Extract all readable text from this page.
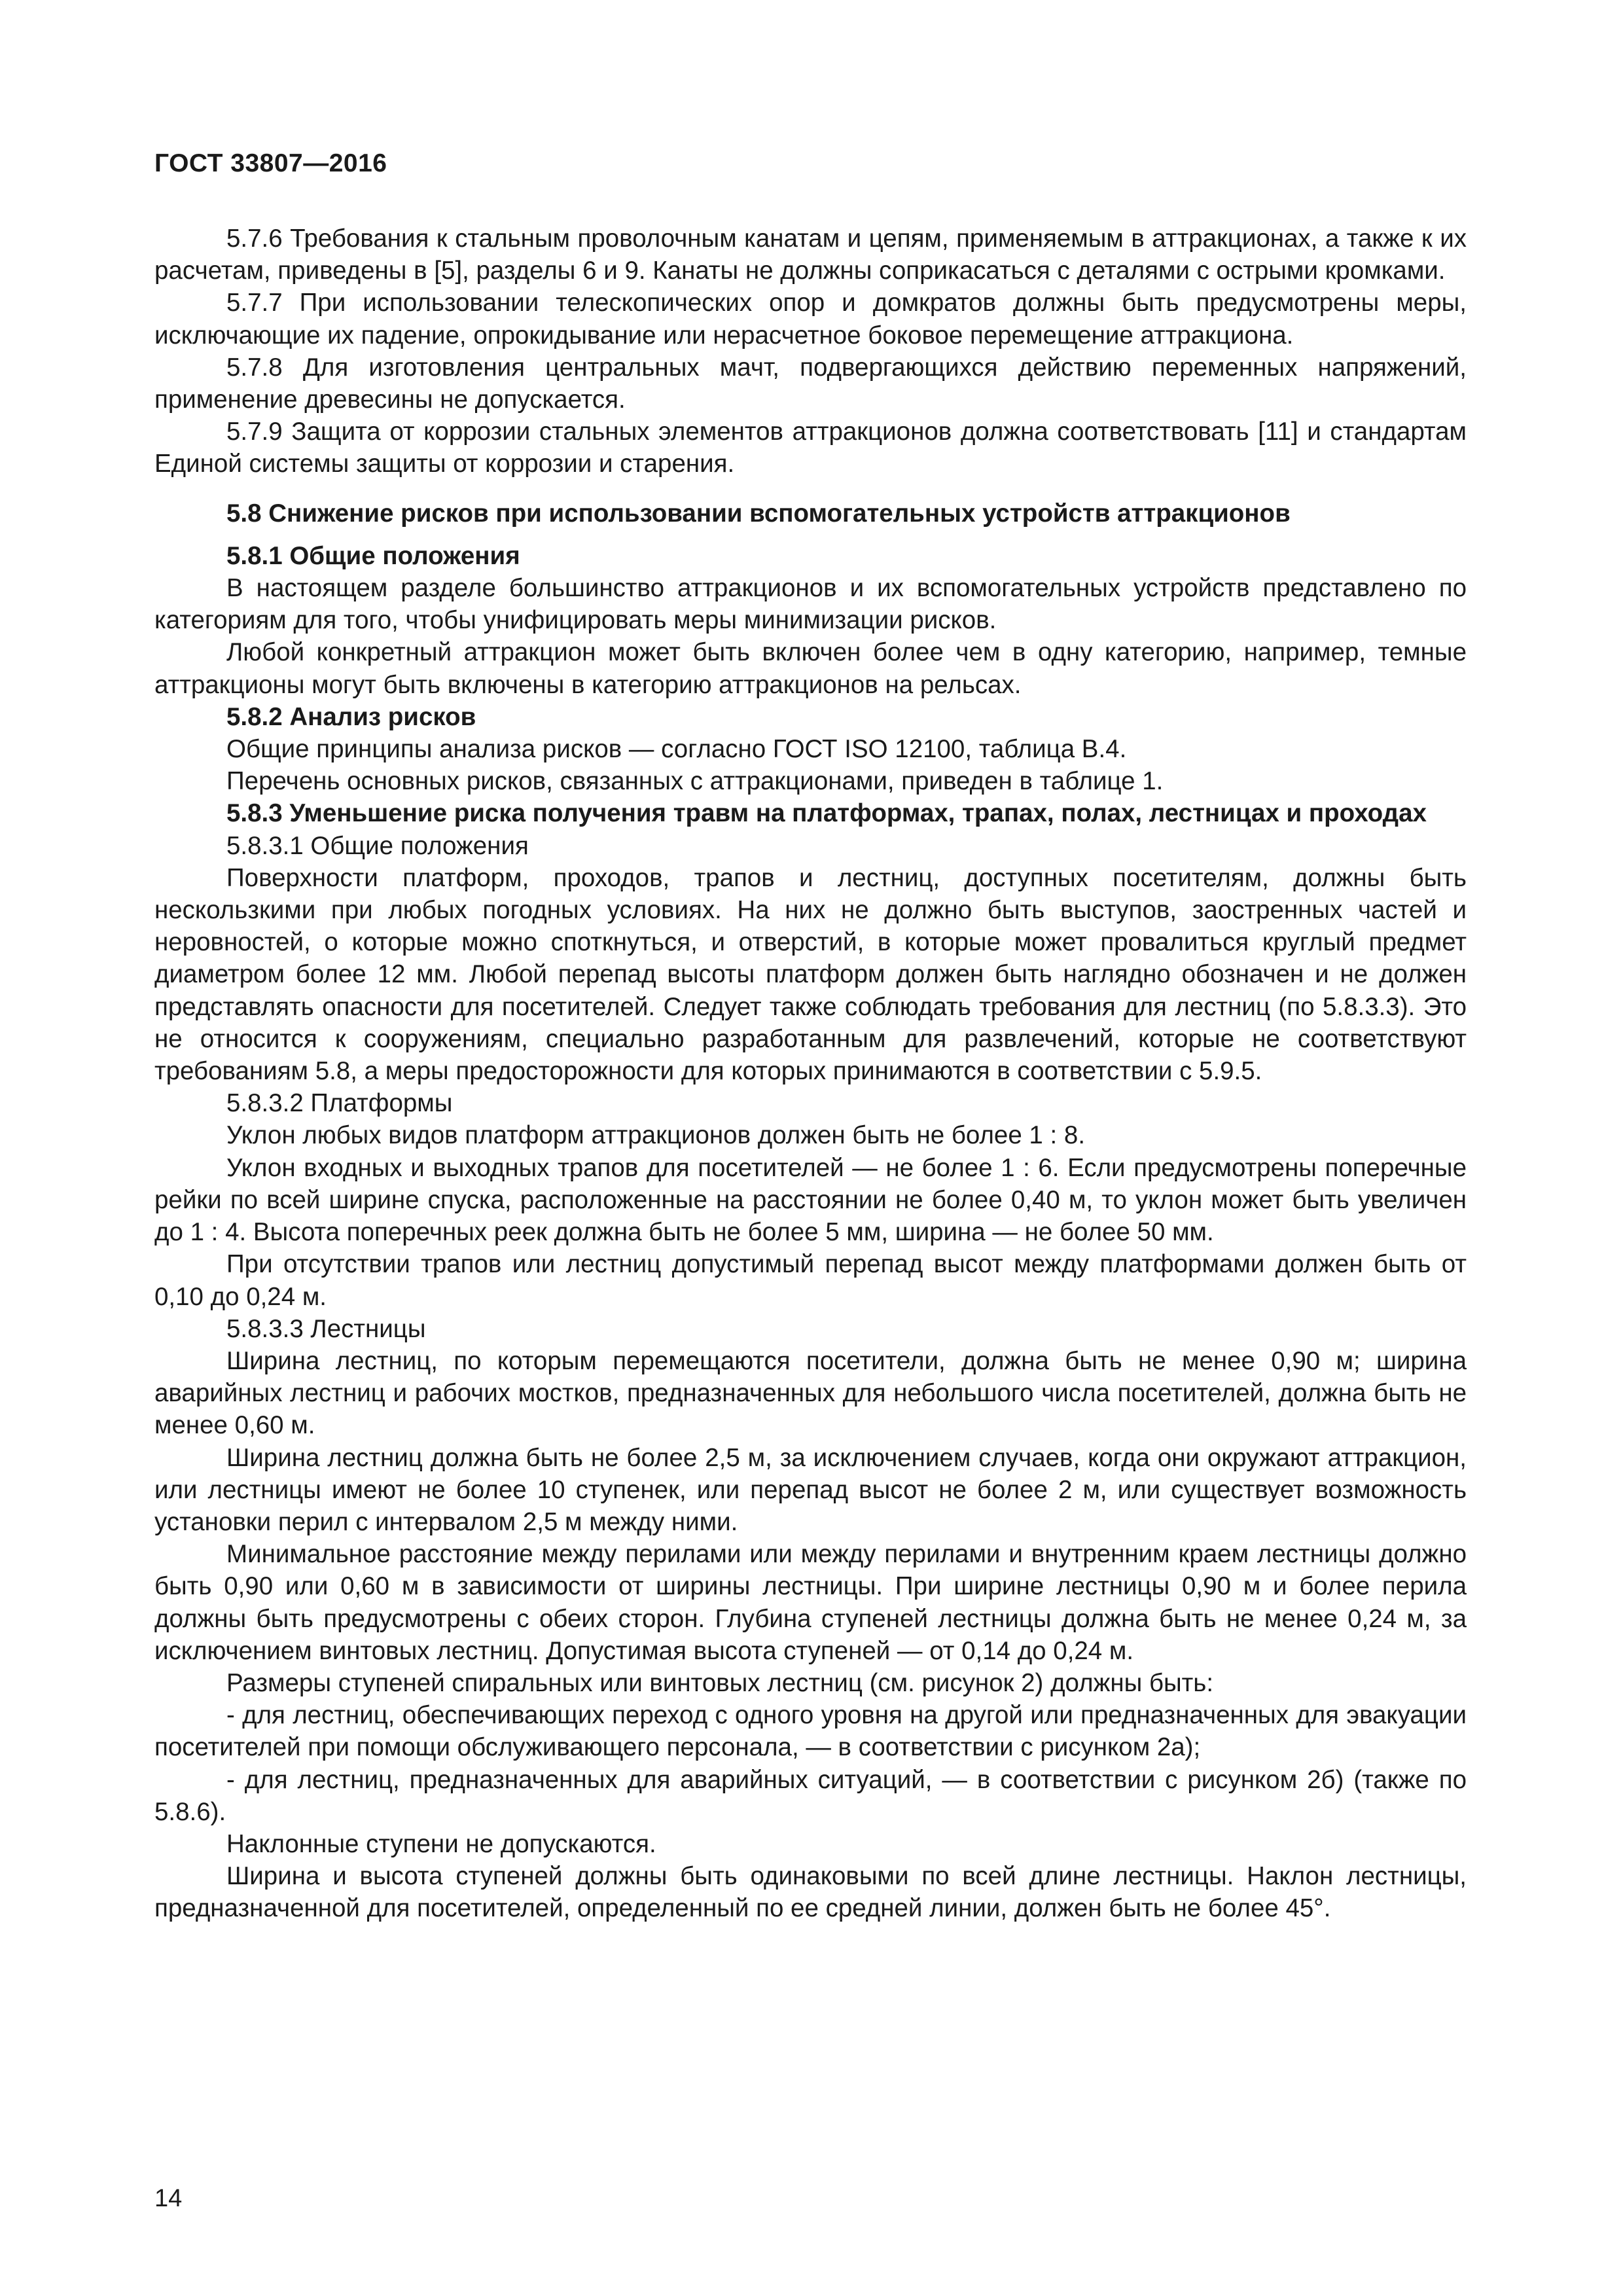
ГОСТ 33807—2016

5.7.6 Требования к стальным проволочным канатам и цепям, применяемым в аттракционах, а также к их расчетам, приведены в [5], разделы 6 и 9. Канаты не должны соприкасаться с деталями с острыми кромками.

5.7.7 При использовании телескопических опор и домкратов должны быть предусмотрены меры, исключающие их падение, опрокидывание или нерасчетное боковое перемещение аттракциона.

5.7.8 Для изготовления центральных мачт, подвергающихся действию переменных напряжений, применение древесины не допускается.

5.7.9 Защита от коррозии стальных элементов аттракционов должна соответствовать [11] и стандартам Единой системы защиты от коррозии и старения.

5.8 Снижение рисков при использовании вспомогательных устройств аттракционов

5.8.1 Общие положения

В настоящем разделе большинство аттракционов и их вспомогательных устройств представлено по категориям для того, чтобы унифицировать меры минимизации рисков.

Любой конкретный аттракцион может быть включен более чем в одну категорию, например, темные аттракционы могут быть включены в категорию аттракционов на рельсах.

5.8.2 Анализ рисков

Общие принципы анализа рисков — согласно ГОСТ ISO 12100, таблица В.4.

Перечень основных рисков, связанных с аттракционами, приведен в таблице 1.

5.8.3 Уменьшение риска получения травм на платформах, трапах, полах, лестницах и проходах

5.8.3.1 Общие положения

Поверхности платформ, проходов, трапов и лестниц, доступных посетителям, должны быть нескользкими при любых погодных условиях. На них не должно быть выступов, заостренных частей и неровностей, о которые можно споткнуться, и отверстий, в которые может провалиться круглый предмет диаметром более 12 мм. Любой перепад высоты платформ должен быть наглядно обозначен и не должен представлять опасности для посетителей. Следует также соблюдать требования для лестниц (по 5.8.3.3). Это не относится к сооружениям, специально разработанным для развлечений, которые не соответствуют требованиям 5.8, а меры предосторожности для которых принимаются в соответствии с 5.9.5.

5.8.3.2 Платформы

Уклон любых видов платформ аттракционов должен быть не более 1 : 8.

Уклон входных и выходных трапов для посетителей — не более 1 : 6. Если предусмотрены поперечные рейки по всей ширине спуска, расположенные на расстоянии не более 0,40 м, то уклон может быть увеличен до 1 : 4. Высота поперечных реек должна быть не более 5 мм, ширина — не более 50 мм.

При отсутствии трапов или лестниц допустимый перепад высот между платформами должен быть от 0,10 до 0,24 м.

5.8.3.3 Лестницы

Ширина лестниц, по которым перемещаются посетители, должна быть не менее 0,90 м; ширина аварийных лестниц и рабочих мостков, предназначенных для небольшого числа посетителей, должна быть не менее 0,60 м.

Ширина лестниц должна быть не более 2,5 м, за исключением случаев, когда они окружают аттракцион, или лестницы имеют не более 10 ступенек, или перепад высот не более 2 м, или существует возможность установки перил с интервалом 2,5 м между ними.

Минимальное расстояние между перилами или между перилами и внутренним краем лестницы должно быть 0,90 или 0,60 м в зависимости от ширины лестницы. При ширине лестницы 0,90 м и более перила должны быть предусмотрены с обеих сторон. Глубина ступеней лестницы должна быть не менее 0,24 м, за исключением винтовых лестниц. Допустимая высота ступеней — от 0,14 до 0,24 м.

Размеры ступеней спиральных или винтовых лестниц (см. рисунок 2) должны быть:

- для лестниц, обеспечивающих переход с одного уровня на другой или предназначенных для эвакуации посетителей при помощи обслуживающего персонала, — в соответствии с рисунком 2а);

- для лестниц, предназначенных для аварийных ситуаций, — в соответствии с рисунком 2б) (также по 5.8.6).

Наклонные ступени не допускаются.

Ширина и высота ступеней должны быть одинаковыми по всей длине лестницы. Наклон лестницы, предназначенной для посетителей, определенный по ее средней линии, должен быть не более 45°.

14
